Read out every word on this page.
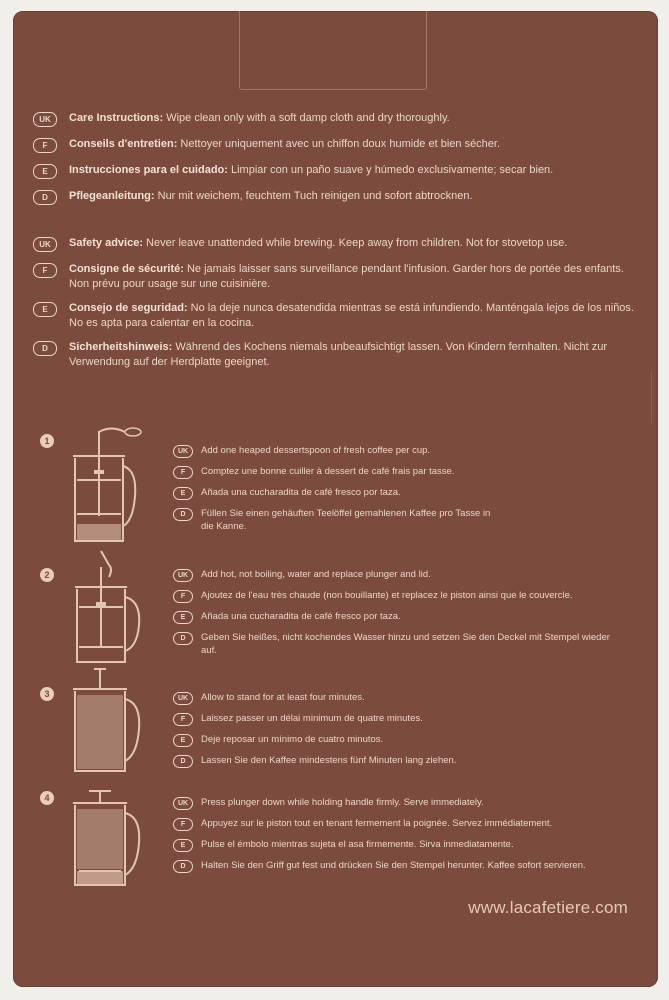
UK	Care Instructions: Wipe clean only with a soft damp cloth and dry thoroughly.
F	Conseils d'entretien: Nettoyer uniquement avec un chiffon doux humide et bien sécher.
E	Instrucciones para el cuidado: Limpiar con un paño suave y húmedo exclusivamente; secar bien.
D	Pflegeanleitung: Nur mit weichem, feuchtem Tuch reinigen und sofort abtrocknen.
UK	Safety advice: Never leave unattended while brewing. Keep away from children. Not for stovetop use.
F	Consigne de sécurité: Ne jamais laisser sans surveillance pendant l'infusion. Garder hors de portée des enfants. Non prévu pour usage sur une cuisinière.
E	Consejo de seguridad: No la deje nunca desatendida mientras se está infundiendo. Manténgala lejos de los niños. No es apta para calentar en la cocina.
D	Sicherheitshinweis: Während des Kochens niemals unbeaufsichtigt lassen. Von Kindern fernhalten. Nicht zur Verwendung auf der Herdplatte geeignet.
1
UK	Add one heaped dessertspoon of fresh coffee per cup.
F	Comptez une bonne cuiller à dessert de café frais par tasse.
E	Añada una cucharadita de café fresco por taza.
D	Füllen Sie einen gehäuften Teelöffel gemahlenen Kaffee pro Tasse in die Kanne.
2	UK	Add hot, not boiling, water and replace plunger and lid.
F	Ajoutez de l'eau très chaude (non bouillante) et replacez le piston ainsi que le couvercle.
E	Añada una cucharadita de café fresco por taza.
D	Geben Sie heißes, nicht kochendes Wasser hinzu und setzen Sie den Deckel mit Stempel wieder auf.
3	UK	Allow to stand for at least four minutes.
F	Laissez passer un délai minimum de quatre minutes.
E	Deje reposar un mínimo de cuatro minutos.
D	Lassen Sie den Kaffee mindestens fünf Minuten lang ziehen.
4
UK	Press plunger down while holding handle firmly. Serve immediately.
F	Appuyez sur le piston tout en tenant fermement la poignée. Servez immédiatement.
E	Pulse el émbolo mientras sujeta el asa firmemente. Sirva inmediatamente.
D	Halten Sie den Griff gut fest und drücken Sie den Stempel herunter. Kaffee sofort servieren.
www.lacafetiere.com
